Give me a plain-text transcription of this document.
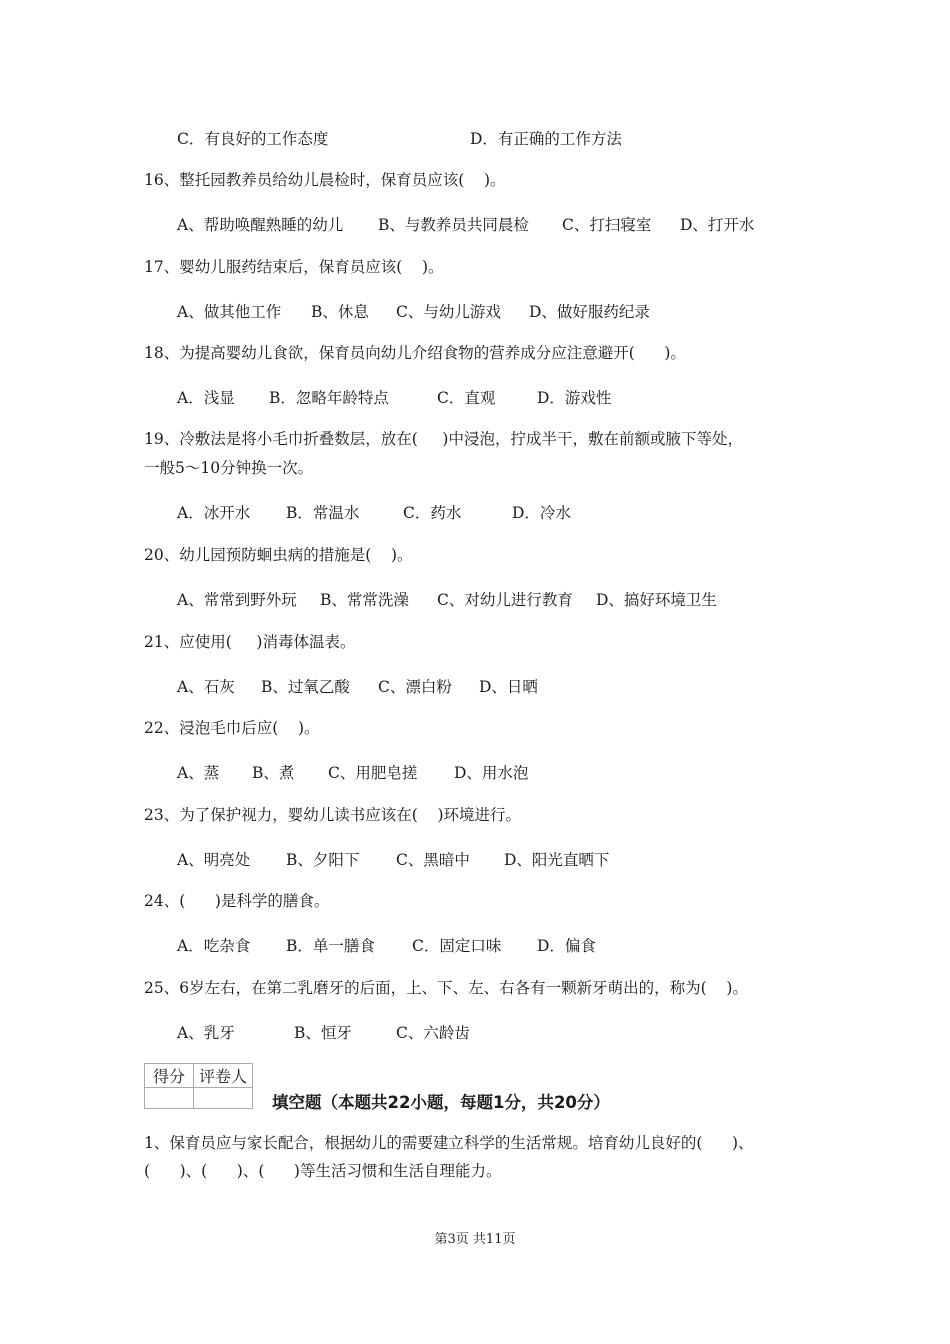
C．有良好的工作态度	D．有正确的工作方法
16、整托园教养员给幼儿晨检时，保育员应该(    )。
A、帮助唤醒熟睡的幼儿 B、与教养员共同晨检 C、打扫寝室 D、打开水
17、婴幼儿服药结束后，保育员应该(    )。
A、做其他工作 B、休息 C、与幼儿游戏 D、做好服药纪录
18、为提高婴幼儿食欲，保育员向幼儿介绍食物的营养成分应注意避开(      )。
A．浅显 B．忽略年龄特点	C．直观	D．游戏性
19、冷敷法是将小毛巾折叠数层，放在(     )中浸泡，拧成半干，敷在前额或腋下等处，
一般5～10分钟换一次。
A．冰开水 B．常温水	C．药水	D．冷水
20、幼儿园预防蛔虫病的措施是(    )。
A、常常到野外玩 B、常常洗澡 C、对幼儿进行教育 D、搞好环境卫生
21、应使用(     )消毒体温表。
A、石灰 B、过氧乙酸 C、漂白粉 D、日晒
22、浸泡毛巾后应(    )。
A、蒸 B、煮 C、用肥皂搓 D、用水泡
23、为了保护视力，婴幼儿读书应该在(    )环境进行。
A、明亮处 B、夕阳下 C、黑暗中 D、阳光直晒下
24、(      )是科学的膳食。
A．吃杂食 B．单一膳食 C．固定口味 D．偏食
25、6岁左右，在第二乳磨牙的后面，上、下、左、右各有一颗新牙萌出的，称为(    )。
A、乳牙	B、恒牙	C、六龄齿
得分	评卷人

填空题（本题共22小题，每题1分，共20分）
1、保育员应与家长配合，根据幼儿的需要建立科学的生活常规。培育幼儿良好的(      )、
(      )、(      )、(      )等生活习惯和生活自理能力。
第3页 共11页
